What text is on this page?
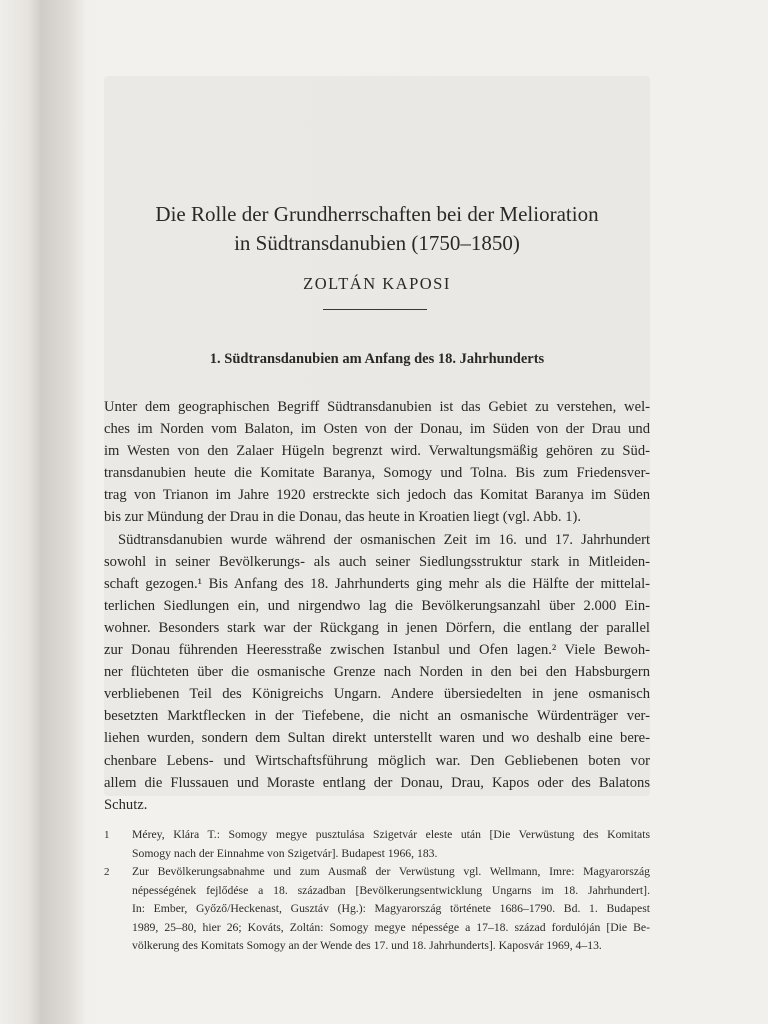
Die Rolle der Grundherrschaften bei der Melioration
in Südtransdanubien (1750–1850)
ZOLTÁN KAPOSI
1. Südtransdanubien am Anfang des 18. Jahrhunderts
Unter dem geographischen Begriff Südtransdanubien ist das Gebiet zu verstehen, wel-
ches im Norden vom Balaton, im Osten von der Donau, im Süden von der Drau und
im Westen von den Zalaer Hügeln begrenzt wird. Verwaltungsmäßig gehören zu Süd-
transdanubien heute die Komitate Baranya, Somogy und Tolna. Bis zum Friedensver-
trag von Trianon im Jahre 1920 erstreckte sich jedoch das Komitat Baranya im Süden
bis zur Mündung der Drau in die Donau, das heute in Kroatien liegt (vgl. Abb. 1).
Südtransdanubien wurde während der osmanischen Zeit im 16. und 17. Jahrhundert
sowohl in seiner Bevölkerungs- als auch seiner Siedlungsstruktur stark in Mitleiden-
schaft gezogen.¹ Bis Anfang des 18. Jahrhunderts ging mehr als die Hälfte der mittelal-
terlichen Siedlungen ein, und nirgendwo lag die Bevölkerungsanzahl über 2.000 Ein-
wohner. Besonders stark war der Rückgang in jenen Dörfern, die entlang der parallel
zur Donau führenden Heeresstraße zwischen Istanbul und Ofen lagen.² Viele Bewoh-
ner flüchteten über die osmanische Grenze nach Norden in den bei den Habsburgern
verbliebenen Teil des Königreichs Ungarn. Andere übersiedelten in jene osmanisch
besetzten Marktflecken in der Tiefebene, die nicht an osmanische Würdenträger ver-
liehen wurden, sondern dem Sultan direkt unterstellt waren und wo deshalb eine bere-
chenbare Lebens- und Wirtschaftsführung möglich war. Den Gebliebenen boten vor
allem die Flussauen und Moraste entlang der Donau, Drau, Kapos oder des Balatons
Schutz.
1	Mérey, Klára T.: Somogy megye pusztulása Szigetvár eleste után [Die Verwüstung des Komitats
Somogy nach der Einnahme von Szigetvár]. Budapest 1966, 183.
2	Zur Bevölkerungsabnahme und zum Ausmaß der Verwüstung vgl. Wellmann, Imre: Magyarország
népességének fejlődése a 18. században [Bevölkerungsentwicklung Ungarns im 18. Jahrhundert].
In: Ember, Győző/Heckenast, Gusztáv (Hg.): Magyarország története 1686–1790. Bd. 1. Budapest
1989, 25–80, hier 26; Kováts, Zoltán: Somogy megye népessége a 17–18. század fordulóján [Die Be-
völkerung des Komitats Somogy an der Wende des 17. und 18. Jahrhunderts]. Kaposvár 1969, 4–13.
